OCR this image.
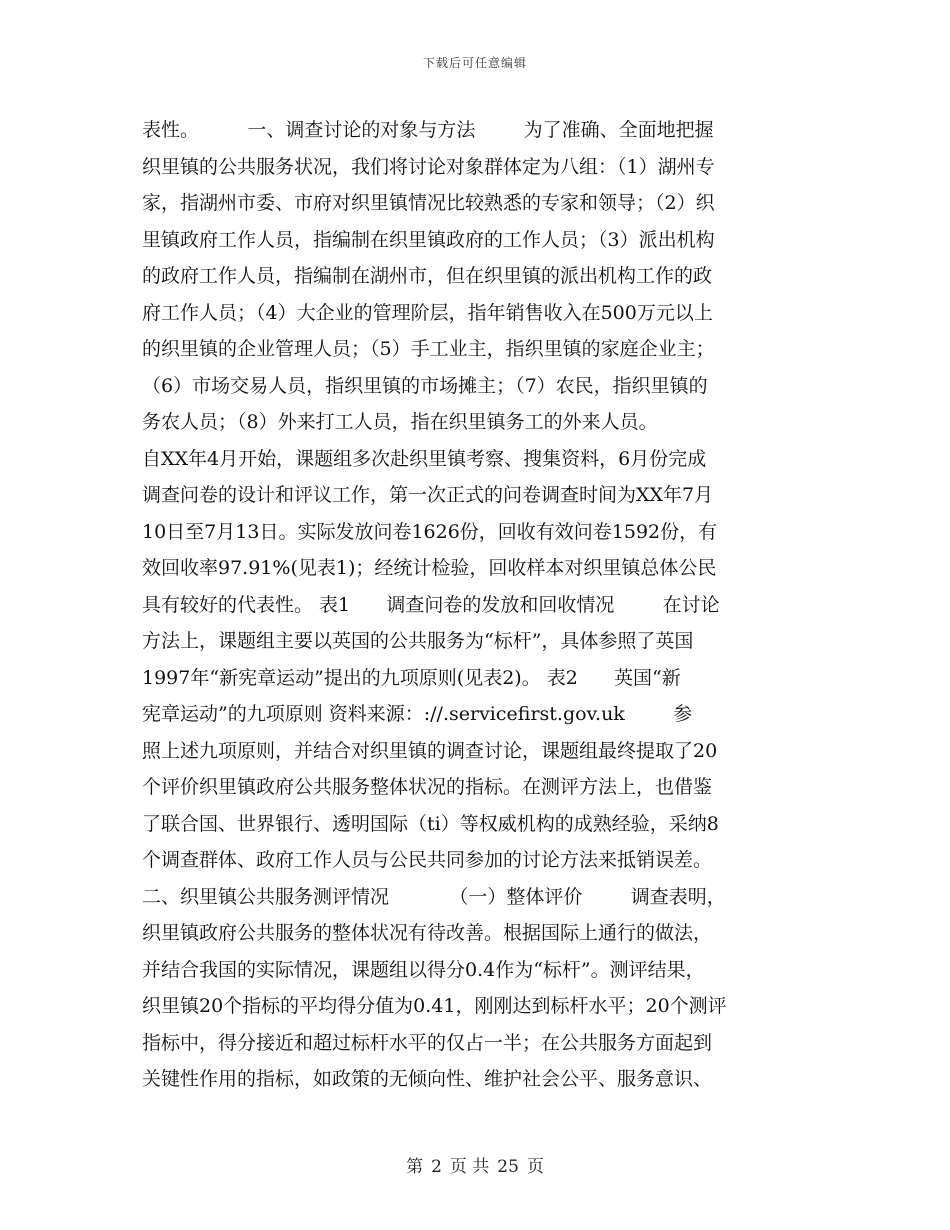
下载后可任意编辑
表性。        一、调查讨论的对象与方法        为了准确、全面地把握
织里镇的公共服务状况，我们将讨论对象群体定为八组：（1）湖州专
家，指湖州市委、市府对织里镇情况比较熟悉的专家和领导；（2）织
里镇政府工作人员，指编制在织里镇政府的工作人员；（3）派出机构
的政府工作人员，指编制在湖州市，但在织里镇的派出机构工作的政
府工作人员；（4）大企业的管理阶层，指年销售收入在500万元以上
的织里镇的企业管理人员；（5）手工业主，指织里镇的家庭企业主；
（6）市场交易人员，指织里镇的市场摊主；（7）农民，指织里镇的
务农人员；（8）外来打工人员，指在织里镇务工的外来人员。
自XX年4月开始，课题组多次赴织里镇考察、搜集资料，6月份完成
调查问卷的设计和评议工作，第一次正式的问卷调查时间为XX年7月
10日至7月13日。实际发放问卷1626份，回收有效问卷1592份，有
效回收率97.91%(见表1)；经统计检验，回收样本对织里镇总体公民
具有较好的代表性。 表1      调查问卷的发放和回收情况        在讨论
方法上，课题组主要以英国的公共服务为“标杆”，具体参照了英国
1997年“新宪章运动”提出的九项原则(见表2)。 表2      英国“新
宪章运动”的九项原则 资料来源：://.servicefirst.gov.uk        参
照上述九项原则，并结合对织里镇的调查讨论，课题组最终提取了20
个评价织里镇政府公共服务整体状况的指标。在测评方法上，也借鉴
了联合国、世界银行、透明国际（ti）等权威机构的成熟经验，采纳8
个调查群体、政府工作人员与公民共同参加的讨论方法来抵销误差。
二、织里镇公共服务测评情况          （一）整体评价        调查表明，
织里镇政府公共服务的整体状况有待改善。根据国际上通行的做法，
并结合我国的实际情况，课题组以得分0.4作为“标杆”。测评结果，
织里镇20个指标的平均得分值为0.41，刚刚达到标杆水平；20个测评
指标中，得分接近和超过标杆水平的仅占一半；在公共服务方面起到
关键性作用的指标，如政策的无倾向性、维护社会公平、服务意识、
第 2 页 共 25 页
